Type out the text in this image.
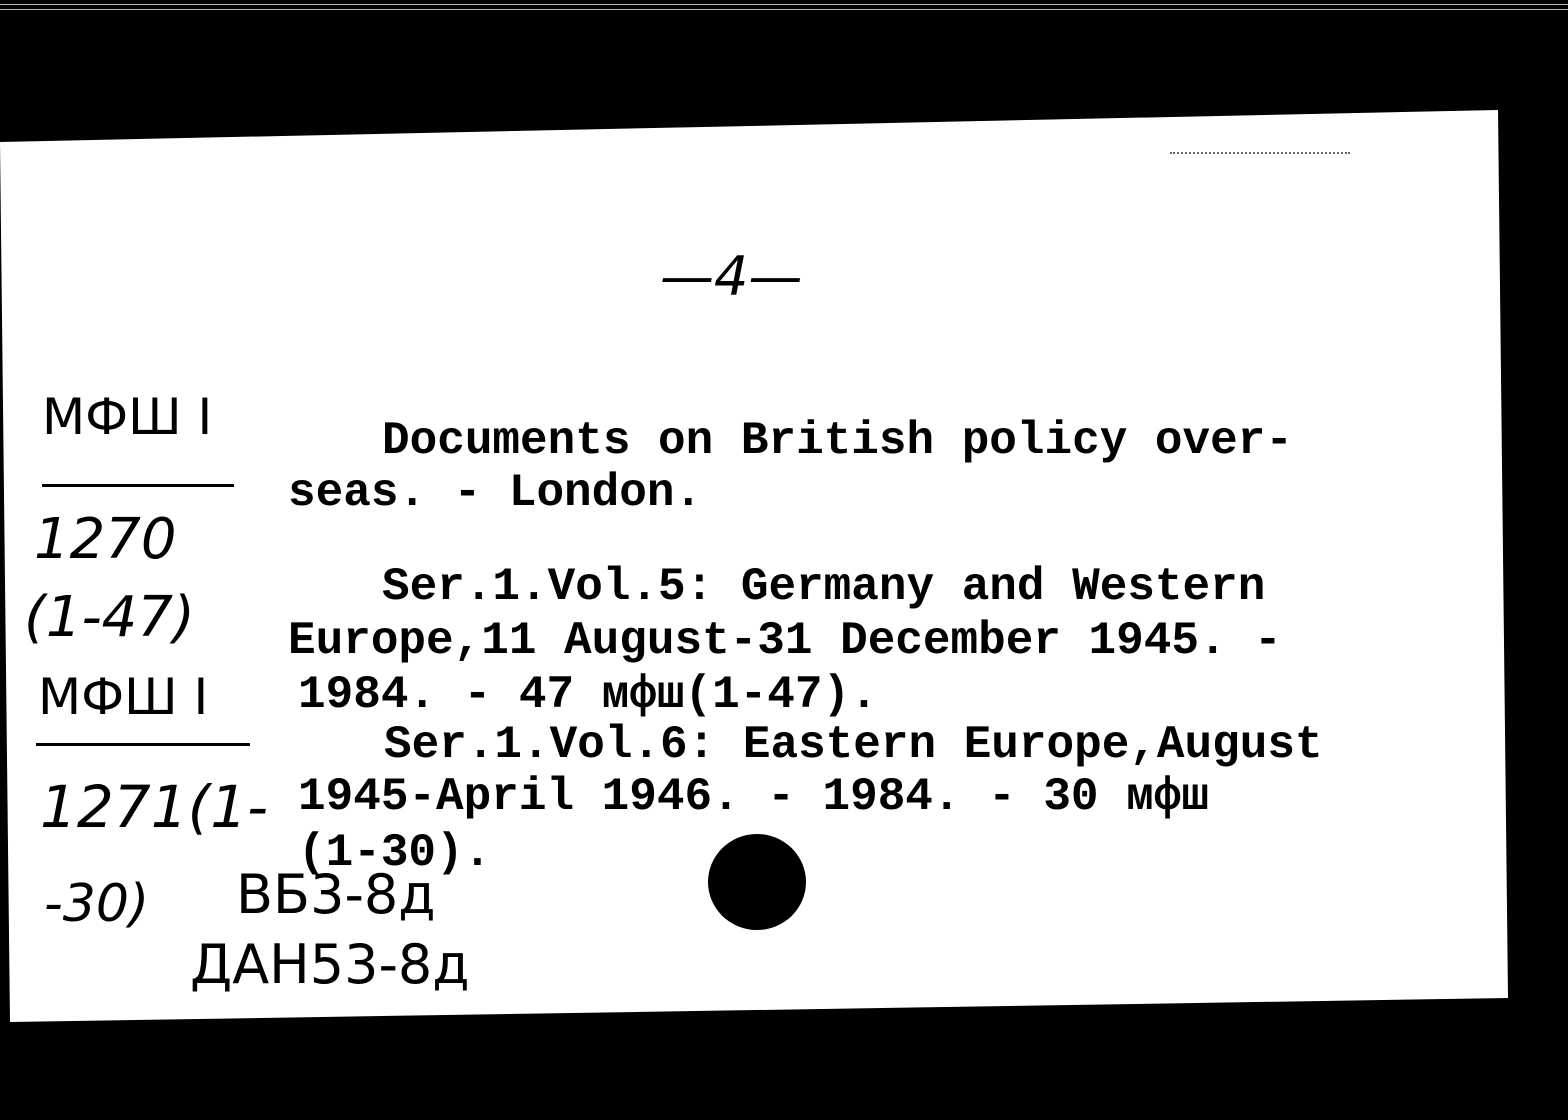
—4—
МФШ I
1270
(1-47)
МФШ I
1271(1-
-30) ВБ3-8д
ДАН53-8д
Documents on British policy over-
seas. - London.
Ser.1.Vol.5: Germany and Western
Europe,11 August-31 December 1945. -
1984. - 47 мфш(1-47).
Ser.1.Vol.6: Eastern Europe,August
1945-April 1946. - 1984. - 30 мфш
(1-30).
